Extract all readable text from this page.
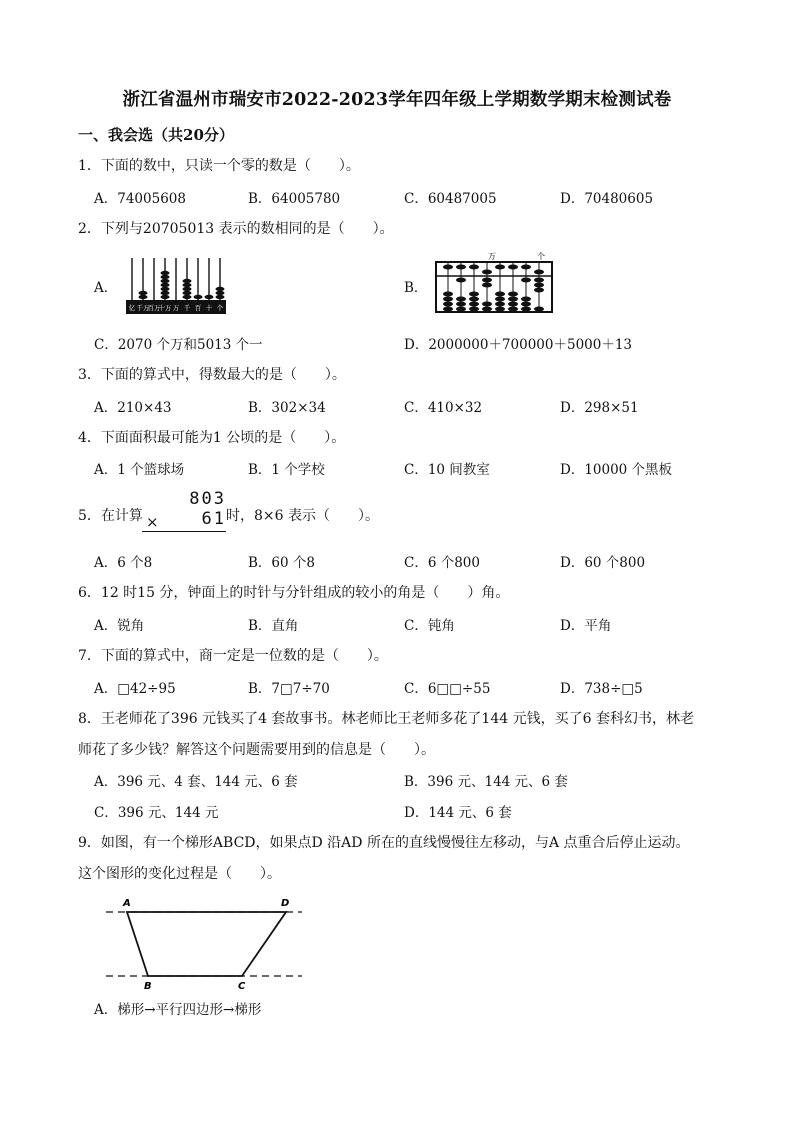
浙江省温州市瑞安市2022-2023学年四年级上学期数学期末检测试卷
一、我会选（共20分）
1．下面的数中，只读一个零的数是（　　）。
A．74005608	B．64005780	C．60487005	D．70480605
2．下列与20705013 表示的数相同的是（　　）。
A．
亿 千万
百万
十万 万 千 百 十 个
B．
万	个
C．2070 个万和5013 个一	D．2000000＋700000＋5000＋13
3．下面的算式中，得数最大的是（　　）。
A．210×43	B．302×34	C．410×32	D．298×51
4．下面面积最可能为1 公顷的是（　　）。
A．1 个篮球场	B．1 个学校	C．10 间教室	D．10000 个黑板
5．在计算
803
×	61 时，8×6 表示（　　）。
A．6 个8	B．60 个8	C．6 个800	D．60 个800
6．12 时15 分，钟面上的时针与分针组成的较小的角是（　　）角。
A．锐角	B．直角	C．钝角	D．平角
7．下面的算式中，商一定是一位数的是（　　）。
A．□42÷95	B．7□7÷70	C．6□□÷55	D．738÷□5
8．王老师花了396 元钱买了4 套故事书。林老师比王老师多花了144 元钱，买了6 套科幻书，林老
师花了多少钱？解答这个问题需要用到的信息是（　　）。
A．396 元、4 套、144 元、6 套	B．396 元、144 元、6 套
C．396 元、144 元	D．144 元、6 套
9．如图，有一个梯形ABCD，如果点D 沿AD 所在的直线慢慢往左移动，与A 点重合后停止运动。
这个图形的变化过程是（　　）。
A	D
B	C
A．梯形→平行四边形→梯形
